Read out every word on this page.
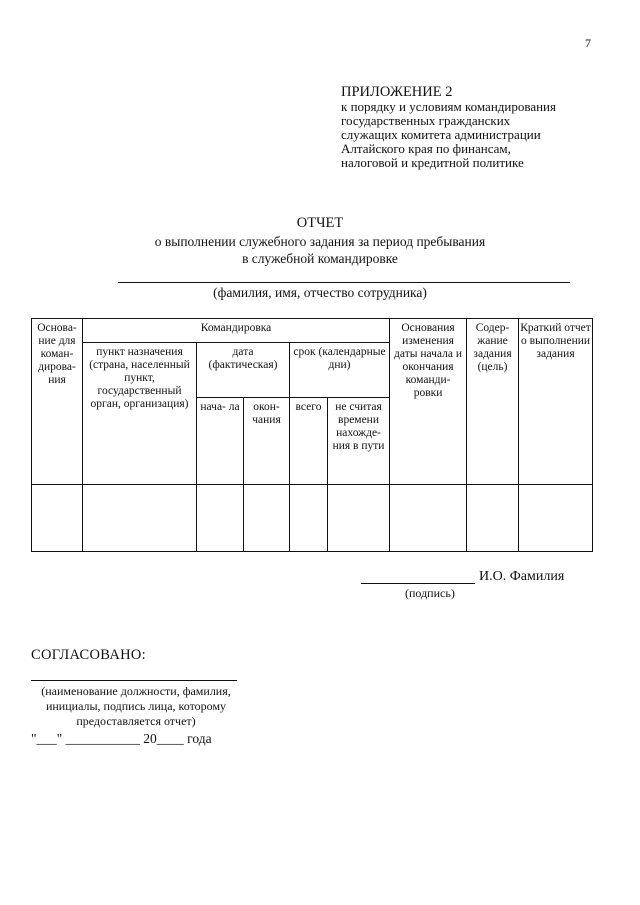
7
ПРИЛОЖЕНИЕ 2
к порядку и условиям командирования
государственных гражданских
служащих комитета администрации
Алтайского края по финансам,
налоговой и кредитной политике
ОТЧЕТ
о выполнении служебного задания за период пребывания
в служебной командировке
(фамилия, имя, отчество сотрудника)
Основа- ние для коман- дирова- ния	Командировка					Основания изменения даты начала и окончания команди- ровки	Содер- жание задания (цель)	Краткий отчет о выполнении задания
	пункт назначения (страна, населенный пункт, государственный орган, организация)	дата (фактическая)		срок (календарные дни)				
		нача- ла	окон- чания	всего	не считая времени нахожде- ния в пути			

И.О. Фамилия
(подпись)
СОГЛАСОВАНО:
(наименование должности, фамилия, инициалы, подпись лица, которому предоставляется отчет)
"___" ___________ 20____ года
